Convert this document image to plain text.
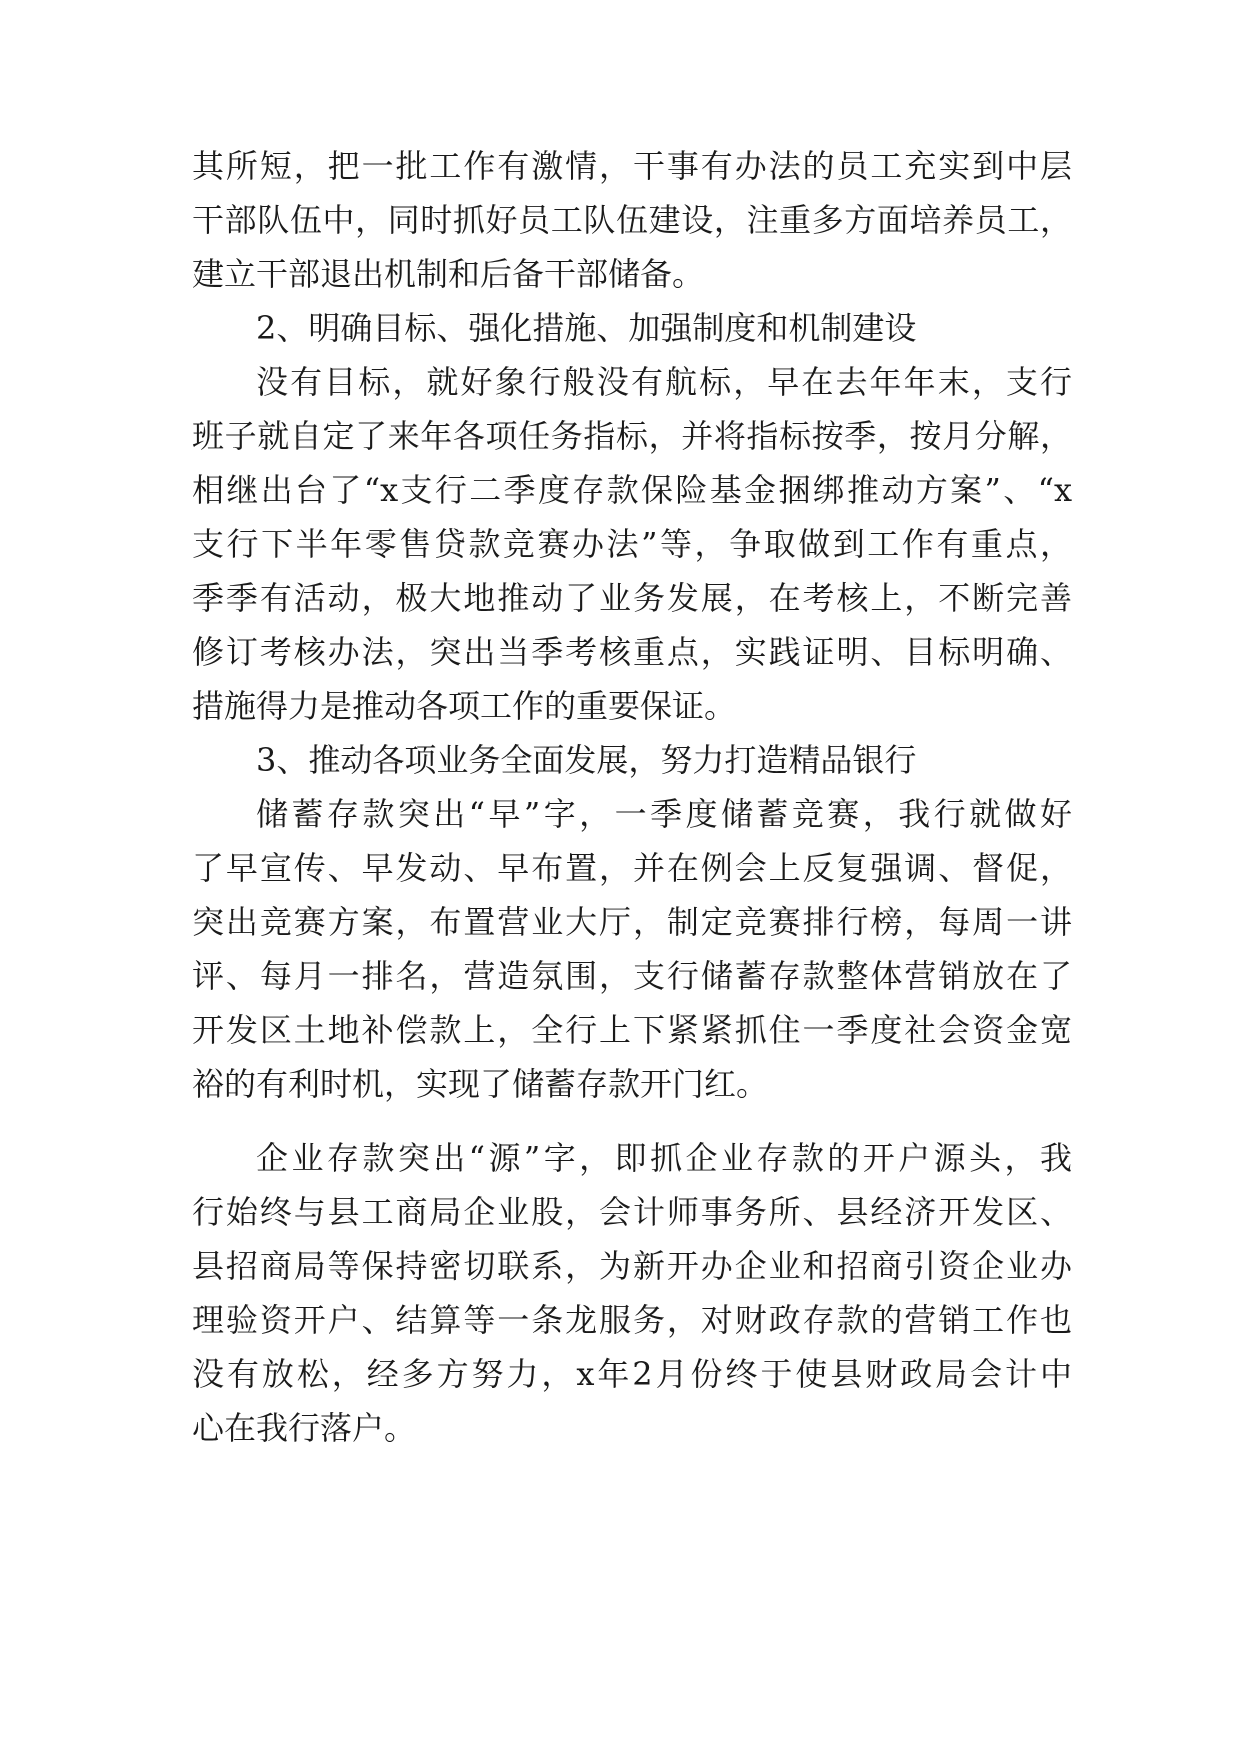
其所短，把一批工作有激情，干事有办法的员工充实到中层
干部队伍中，同时抓好员工队伍建设，注重多方面培养员工，
建立干部退出机制和后备干部储备。
2、明确目标、强化措施、加强制度和机制建设
没有目标，就好象行般没有航标，早在去年年末，支行
班子就自定了来年各项任务指标，并将指标按季，按月分解，
相继出台了“x支行二季度存款保险基金捆绑推动方案”、“x
支行下半年零售贷款竞赛办法”等，争取做到工作有重点，
季季有活动，极大地推动了业务发展，在考核上，不断完善
修订考核办法，突出当季考核重点，实践证明、目标明确、
措施得力是推动各项工作的重要保证。
3、推动各项业务全面发展，努力打造精品银行
储蓄存款突出“早”字，一季度储蓄竞赛，我行就做好
了早宣传、早发动、早布置，并在例会上反复强调、督促，
突出竞赛方案，布置营业大厅，制定竞赛排行榜，每周一讲
评、每月一排名，营造氛围，支行储蓄存款整体营销放在了
开发区土地补偿款上，全行上下紧紧抓住一季度社会资金宽
裕的有利时机，实现了储蓄存款开门红。
企业存款突出“源”字，即抓企业存款的开户源头，我
行始终与县工商局企业股，会计师事务所、县经济开发区、
县招商局等保持密切联系，为新开办企业和招商引资企业办
理验资开户、结算等一条龙服务，对财政存款的营销工作也
没有放松，经多方努力，x年2月份终于使县财政局会计中
心在我行落户。
